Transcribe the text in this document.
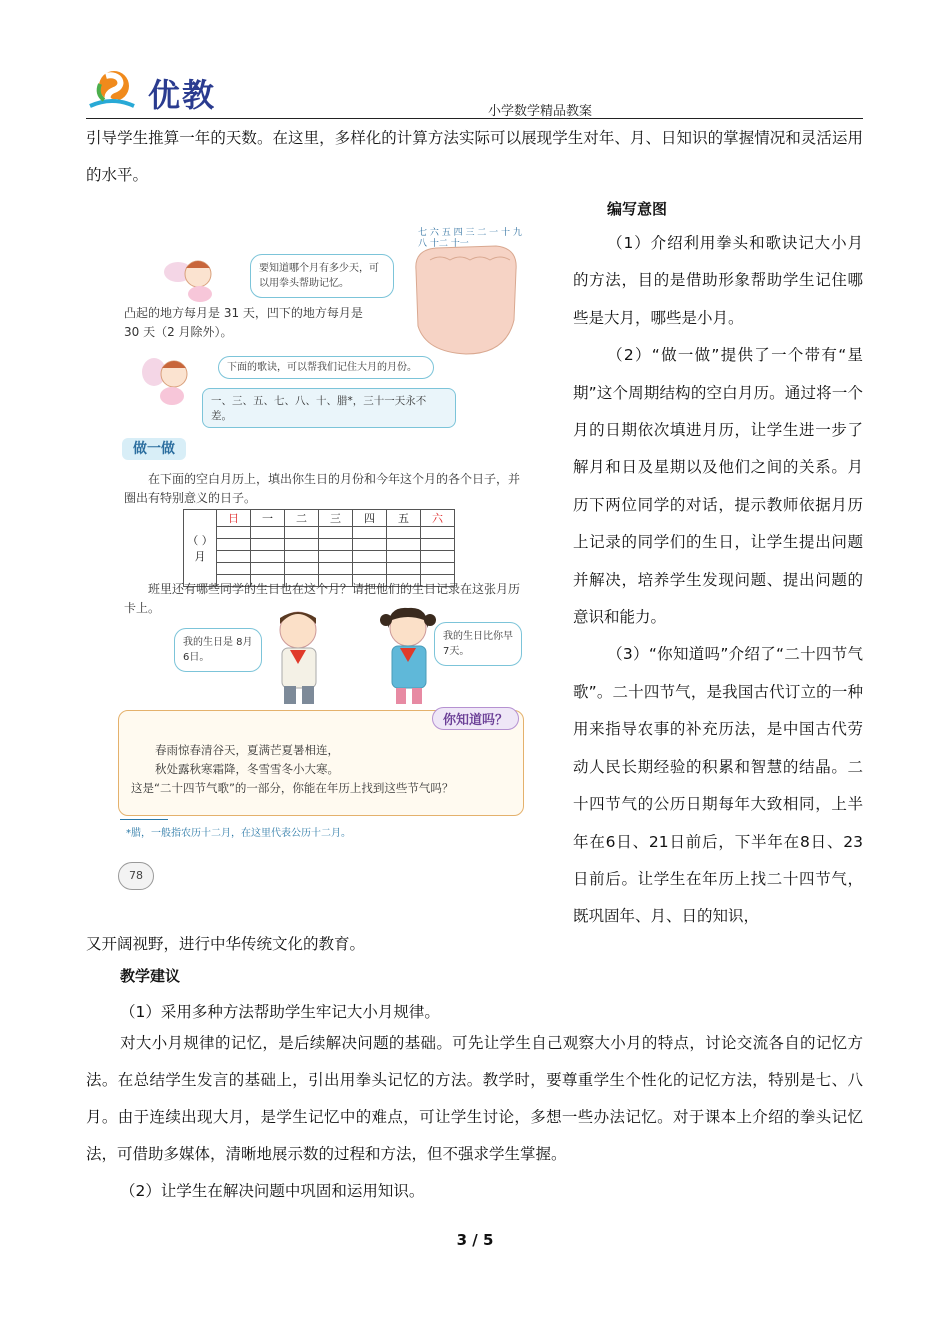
优教	小学数学精品教案
引导学生推算一年的天数。在这里，多样化的计算方法实际可以展现学生对年、月、日知识的掌握情况和灵活运用的水平。
编写意图

（1）介绍利用拳头和歌诀记大小月的方法，目的是借助形象帮助学生记住哪些是大月，哪些是小月。

（2）“做一做”提供了一个带有“星期”这个周期结构的空白月历。通过将一个月的日期依次填进月历，让学生进一步了解月和日及星期以及他们之间的关系。月历下两位同学的对话，提示教师依据月历上记录的同学们的生日，让学生提出问题并解决，培养学生发现问题、提出问题的意识和能力。

（3）“你知道吗”介绍了“二十四节气歌”。二十四节气，是我国古代订立的一种用来指导农事的补充历法，是中国古代劳动人民长期经验的积累和智慧的结晶。二十四节气的公历日期每年大致相同，上半年在6日、21日前后，下半年在8日、23日前后。让学生在年历上找二十四节气，既巩固年、月、日的知识，

要知道哪个月有多少天，可以用拳头帮助记忆。
七 六 五 四 三 二 一 十 九 八 十二 十一
凸起的地方每月是 31 天，凹下的地方每月是 30 天（2 月除外）。
下面的歌诀，可以帮我们记住大月的月份。
一、三、五、七、八、十、腊*，三十一天永不差。
做一做
在下面的空白月历上，填出你生日的月份和今年这个月的各个日子，并圈出有特别意义的日子。
（ ）月	日	一	二	三	四	五	六

班里还有哪些同学的生日也在这个月？请把他们的生日记录在这张月历卡上。
我的生日是 8月6日。
我的生日比你早7天。
你知道吗？
春雨惊春清谷天，夏满芒夏暑相连，
秋处露秋寒霜降，冬雪雪冬小大寒。
这是“二十四节气歌”的一部分，你能在年历上找到这些节气吗？
*腊，一般指农历十二月，在这里代表公历十二月。
78
又开阔视野，进行中华传统文化的教育。
教学建议
（1）采用多种方法帮助学生牢记大小月规律。

对大小月规律的记忆，是后续解决问题的基础。可先让学生自己观察大小月的特点，讨论交流各自的记忆方法。在总结学生发言的基础上，引出用拳头记忆的方法。教学时，要尊重学生个性化的记忆方法，特别是七、八月。由于连续出现大月，是学生记忆中的难点，可让学生讨论，多想一些办法记忆。对于课本上介绍的拳头记忆法，可借助多媒体，清晰地展示数的过程和方法，但不强求学生掌握。

（2）让学生在解决问题中巩固和运用知识。
3 / 5
